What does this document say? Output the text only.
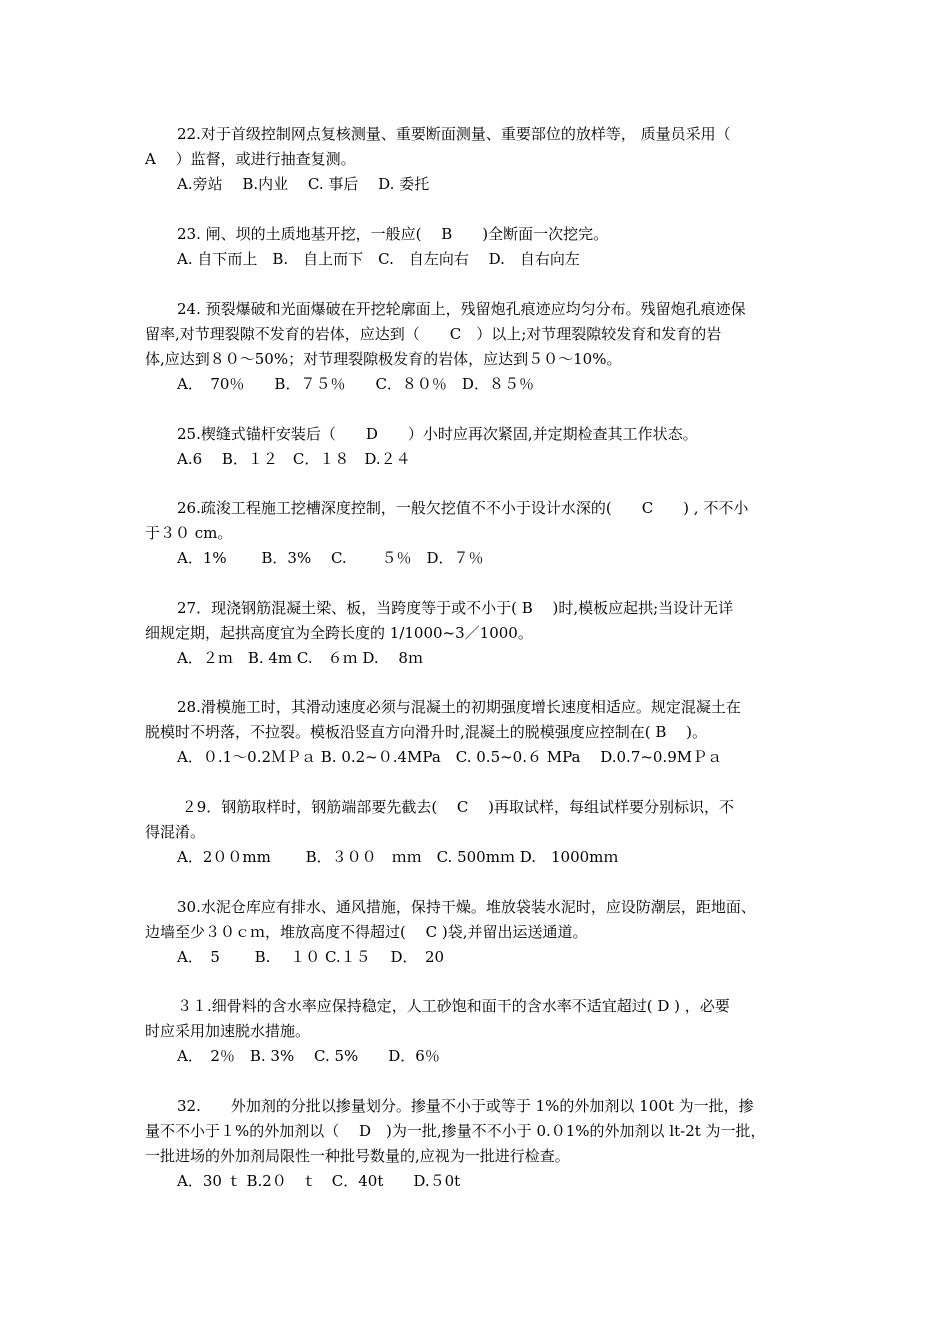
22.对于首级控制网点复核测量、重要断面测量、重要部位的放样等， 质量员采用（
A　 ）监督，或进行抽查复测。
A.旁站　 B.内业　 C. 事后　 D. 委托
23. 闸、坝的土质地基开挖，一般应(　 B　　)全断面一次挖完。
A. 自下而上　B.　自上而下　C.　自左向右　 D.　自右向左
24. 预裂爆破和光面爆破在开挖轮廓面上，残留炮孔痕迹应均匀分布。残留炮孔痕迹保
留率,对节理裂隙不发育的岩体，应达到（　　C　）以上;对节理裂隙较发育和发育的岩
体,应达到８０～50%；对节理裂隙极发育的岩体，应达到５０～10%。
A．　70％　　B．７５％　　C．８０％　D．８５％
25.楔缝式锚杆安装后（　　D　　）小时应再次紧固,并定期检查其工作状态。
A.6　 B．１２　C．１８　D.２４
26.疏浚工程施工挖槽深度控制，一般欠挖值不不小于设计水深的(　　C　　) , 不不小
于３０ cm。
A．1%　　 B．3%　 C.　　 ５％　D．７％
27．现浇钢筋混凝土梁、板，当跨度等于或不小于( B　 )时,模板应起拱;当设计无详
细规定期，起拱高度宜为全跨长度的 1/1000~3／1000。
A．２ｍ　B. 4m C.　６ｍ D.　 8ｍ
28.滑模施工时，其滑动速度必须与混凝土的初期强度增长速度相适应。规定混凝土在
脱模时不坍落，不拉裂。模板沿竖直方向滑升时,混凝土的脱模强度应控制在( B　 )。
A．０.1～0.2ＭＰａ B. 0.2~０.4MPa　C. 0.5~0.６ MPa　 D.0.7~0.9MＰａ
２9．钢筋取样时，钢筋端部要先截去(　 C　 )再取试样，每组试样要分别标识，不
得混淆。
A．2００mm　　 B．３００　ｍｍ　C. 500mｍ D.　1000mｍ
30.水泥仓库应有排水、通风措施，保持干燥。堆放袋装水泥时，应设防潮层，距地面、
边墙至少３０ｃｍ，堆放高度不得超过(　 C )袋,并留出运送通道。
A．　5　　 B.　 １０ C.１５　 D．　20
３１.细骨料的含水率应保持稳定，人工砂饱和面干的含水率不适宜超过( D ) ，必要
时应采用加速脱水措施。
A．　2％　B. 3%　 C. 5%　　D．6％
32.　　外加剂的分批以掺量划分。掺量不小于或等于 1%的外加剂以 100t 为一批，掺
量不不小于１%的外加剂以（　 D　)为一批,掺量不不小于 0.０1%的外加剂以 lt-2t 为一批，
一批进场的外加剂局限性一种批号数量的,应视为一批进行检查。
A．30 ｔ B.2０　ｔ　C．40t　　D.５0t
